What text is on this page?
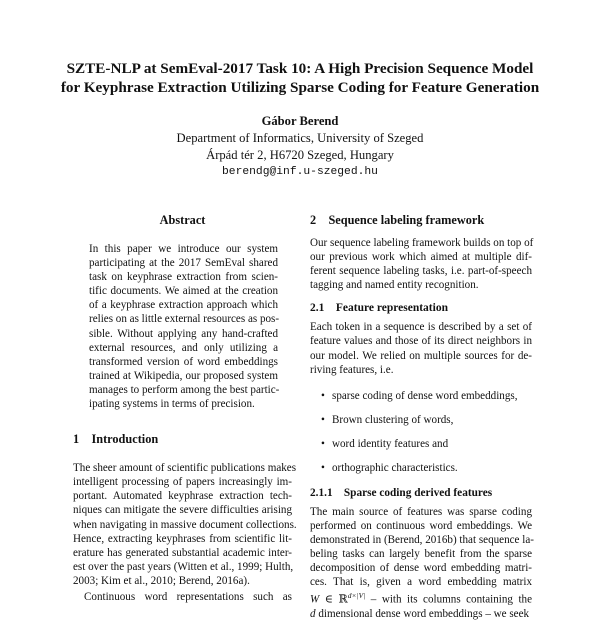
SZTE-NLP at SemEval-2017 Task 10: A High Precision Sequence Model
for Keyphrase Extraction Utilizing Sparse Coding for Feature Generation
Gábor Berend
Department of Informatics, University of Szeged
Árpád tér 2, H6720 Szeged, Hungary
berendg@inf.u-szeged.hu
Abstract
In this paper we introduce our system
participating at the 2017 SemEval shared
task on keyphrase extraction from scien-
tific documents. We aimed at the creation
of a keyphrase extraction approach which
relies on as little external resources as pos-
sible. Without applying any hand-crafted
external resources, and only utilizing a
transformed version of word embeddings
trained at Wikipedia, our proposed system
manages to perform among the best partic-
ipating systems in terms of precision.
1 Introduction
The sheer amount of scientific publications makes
intelligent processing of papers increasingly im-
portant. Automated keyphrase extraction tech-
niques can mitigate the severe difficulties arising
when navigating in massive document collections.
Hence, extracting keyphrases from scientific lit-
erature has generated substantial academic inter-
est over the past years (Witten et al., 1999; Hulth,
2003; Kim et al., 2010; Berend, 2016a).
Continuous word representations such as
2 Sequence labeling framework
Our sequence labeling framework builds on top of
our previous work which aimed at multiple dif-
ferent sequence labeling tasks, i.e. part-of-speech
tagging and named entity recognition.
2.1 Feature representation
Each token in a sequence is described by a set of
feature values and those of its direct neighbors in
our model. We relied on multiple sources for de-
riving features, i.e.
• sparse coding of dense word embeddings,
• Brown clustering of words,
• word identity features and
• orthographic characteristics.
2.1.1 Sparse coding derived features
The main source of features was sparse coding
performed on continuous word embeddings. We
demonstrated in (Berend, 2016b) that sequence la-
beling tasks can largely benefit from the sparse
decomposition of dense word embedding matri-
ces. That is, given a word embedding matrix
W ∈ ℝ$^{d\times|V|}$ – with its columns containing the
d dimensional dense word embeddings – we seek
